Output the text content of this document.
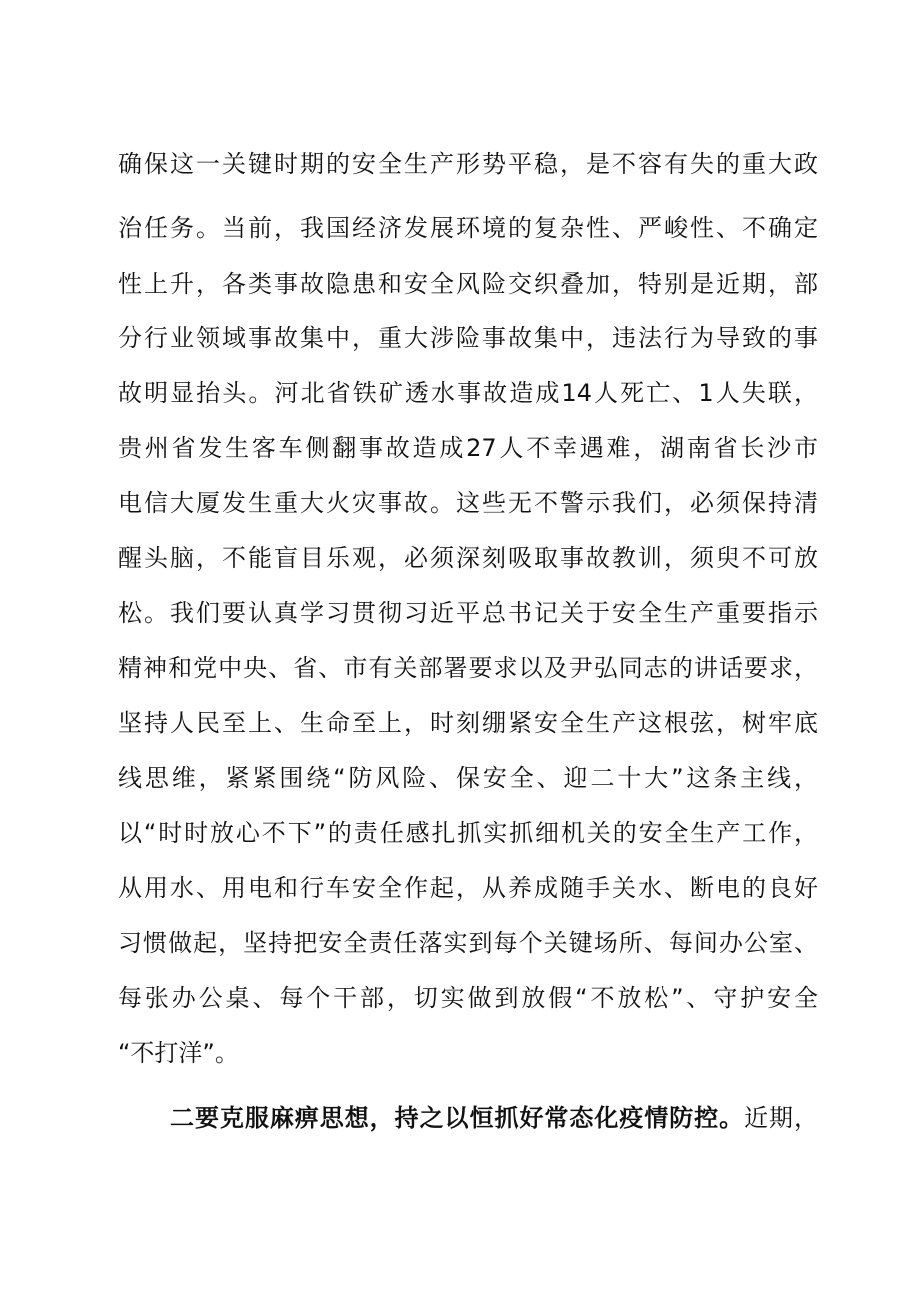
确保这一关键时期的安全生产形势平稳，是不容有失的重大政
治任务。当前，我国经济发展环境的复杂性、严峻性、不确定
性上升，各类事故隐患和安全风险交织叠加，特别是近期，部
分行业领域事故集中，重大涉险事故集中，违法行为导致的事
故明显抬头。河北省铁矿透水事故造成14人死亡、1人失联，
贵州省发生客车侧翻事故造成27人不幸遇难，湖南省长沙市
电信大厦发生重大火灾事故。这些无不警示我们，必须保持清
醒头脑，不能盲目乐观，必须深刻吸取事故教训，须臾不可放
松。我们要认真学习贯彻习近平总书记关于安全生产重要指示
精神和党中央、省、市有关部署要求以及尹弘同志的讲话要求，
坚持人民至上、生命至上，时刻绷紧安全生产这根弦，树牢底
线思维，紧紧围绕“防风险、保安全、迎二十大”这条主线，
以“时时放心不下”的责任感扎抓实抓细机关的安全生产工作，
从用水、用电和行车安全作起，从养成随手关水、断电的良好
习惯做起，坚持把安全责任落实到每个关键场所、每间办公室、
每张办公桌、每个干部，切实做到放假“不放松”、守护安全
“不打洋”。
二要克服麻痹思想，持之以恒抓好常态化疫情防控。近期，
